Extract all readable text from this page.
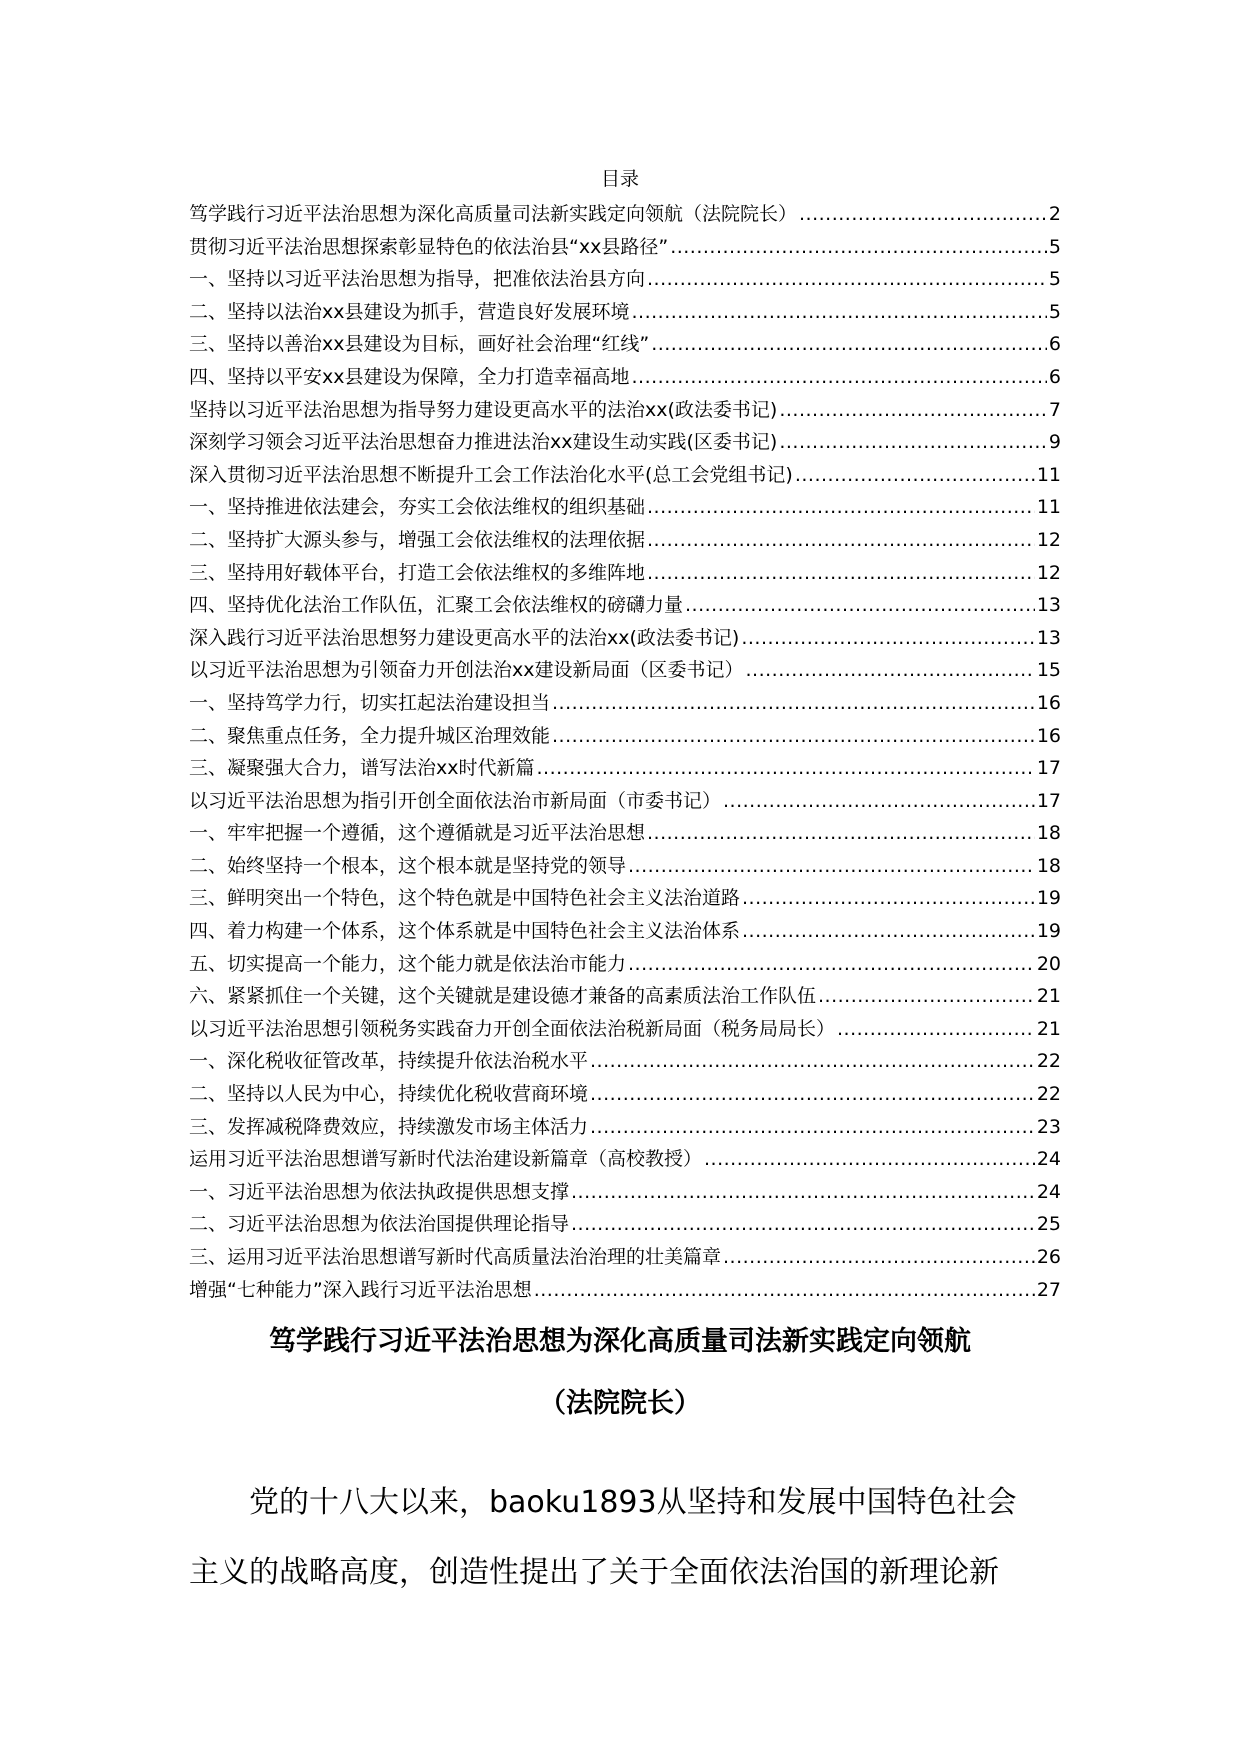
目录
笃学践行习近平法治思想为深化高质量司法新实践定向领航（法院院长） .....	2
贯彻习近平法治思想探索彰显特色的依法治县“xx县路径” .....	5
一、坚持以习近平法治思想为指导，把准依法治县方向 .....	5
二、坚持以法治xx县建设为抓手，营造良好发展环境 .....	5
三、坚持以善治xx县建设为目标，画好社会治理“红线” .....	6
四、坚持以平安xx县建设为保障，全力打造幸福高地 .....	6
坚持以习近平法治思想为指导努力建设更高水平的法治xx(政法委书记) .....	7
深刻学习领会习近平法治思想奋力推进法治xx建设生动实践(区委书记) .....	9
深入贯彻习近平法治思想不断提升工会工作法治化水平(总工会党组书记) .....	11
一、坚持推进依法建会，夯实工会依法维权的组织基础 .....	11
二、坚持扩大源头参与，增强工会依法维权的法理依据 .....	12
三、坚持用好载体平台，打造工会依法维权的多维阵地 .....	12
四、坚持优化法治工作队伍，汇聚工会依法维权的磅礴力量 .....	13
深入践行习近平法治思想努力建设更高水平的法治xx(政法委书记) .....	13
以习近平法治思想为引领奋力开创法治xx建设新局面（区委书记） .....	15
一、坚持笃学力行，切实扛起法治建设担当 .....	16
二、聚焦重点任务，全力提升城区治理效能 .....	16
三、凝聚强大合力，谱写法治xx时代新篇 .....	17
以习近平法治思想为指引开创全面依法治市新局面（市委书记） .....	17
一、牢牢把握一个遵循，这个遵循就是习近平法治思想 .....	18
二、始终坚持一个根本，这个根本就是坚持党的领导 .....	18
三、鲜明突出一个特色，这个特色就是中国特色社会主义法治道路 .....	19
四、着力构建一个体系，这个体系就是中国特色社会主义法治体系 .....	19
五、切实提高一个能力，这个能力就是依法治市能力 .....	20
六、紧紧抓住一个关键，这个关键就是建设德才兼备的高素质法治工作队伍 .....	21
以习近平法治思想引领税务实践奋力开创全面依法治税新局面（税务局局长） .....	21
一、深化税收征管改革，持续提升依法治税水平 .....	22
二、坚持以人民为中心，持续优化税收营商环境 .....	22
三、发挥减税降费效应，持续激发市场主体活力 .....	23
运用习近平法治思想谱写新时代法治建设新篇章（高校教授） .....	24
一、习近平法治思想为依法执政提供思想支撑 .....	24
二、习近平法治思想为依法治国提供理论指导 .....	25
三、运用习近平法治思想谱写新时代高质量法治治理的壮美篇章 .....	26
增强“七种能力”深入践行习近平法治思想 .....	27
笃学践行习近平法治思想为深化高质量司法新实践定向领航
（法院院长）
党的十八大以来，baoku1893从坚持和发展中国特色社会
主义的战略高度，创造性提出了关于全面依法治国的新理论新
